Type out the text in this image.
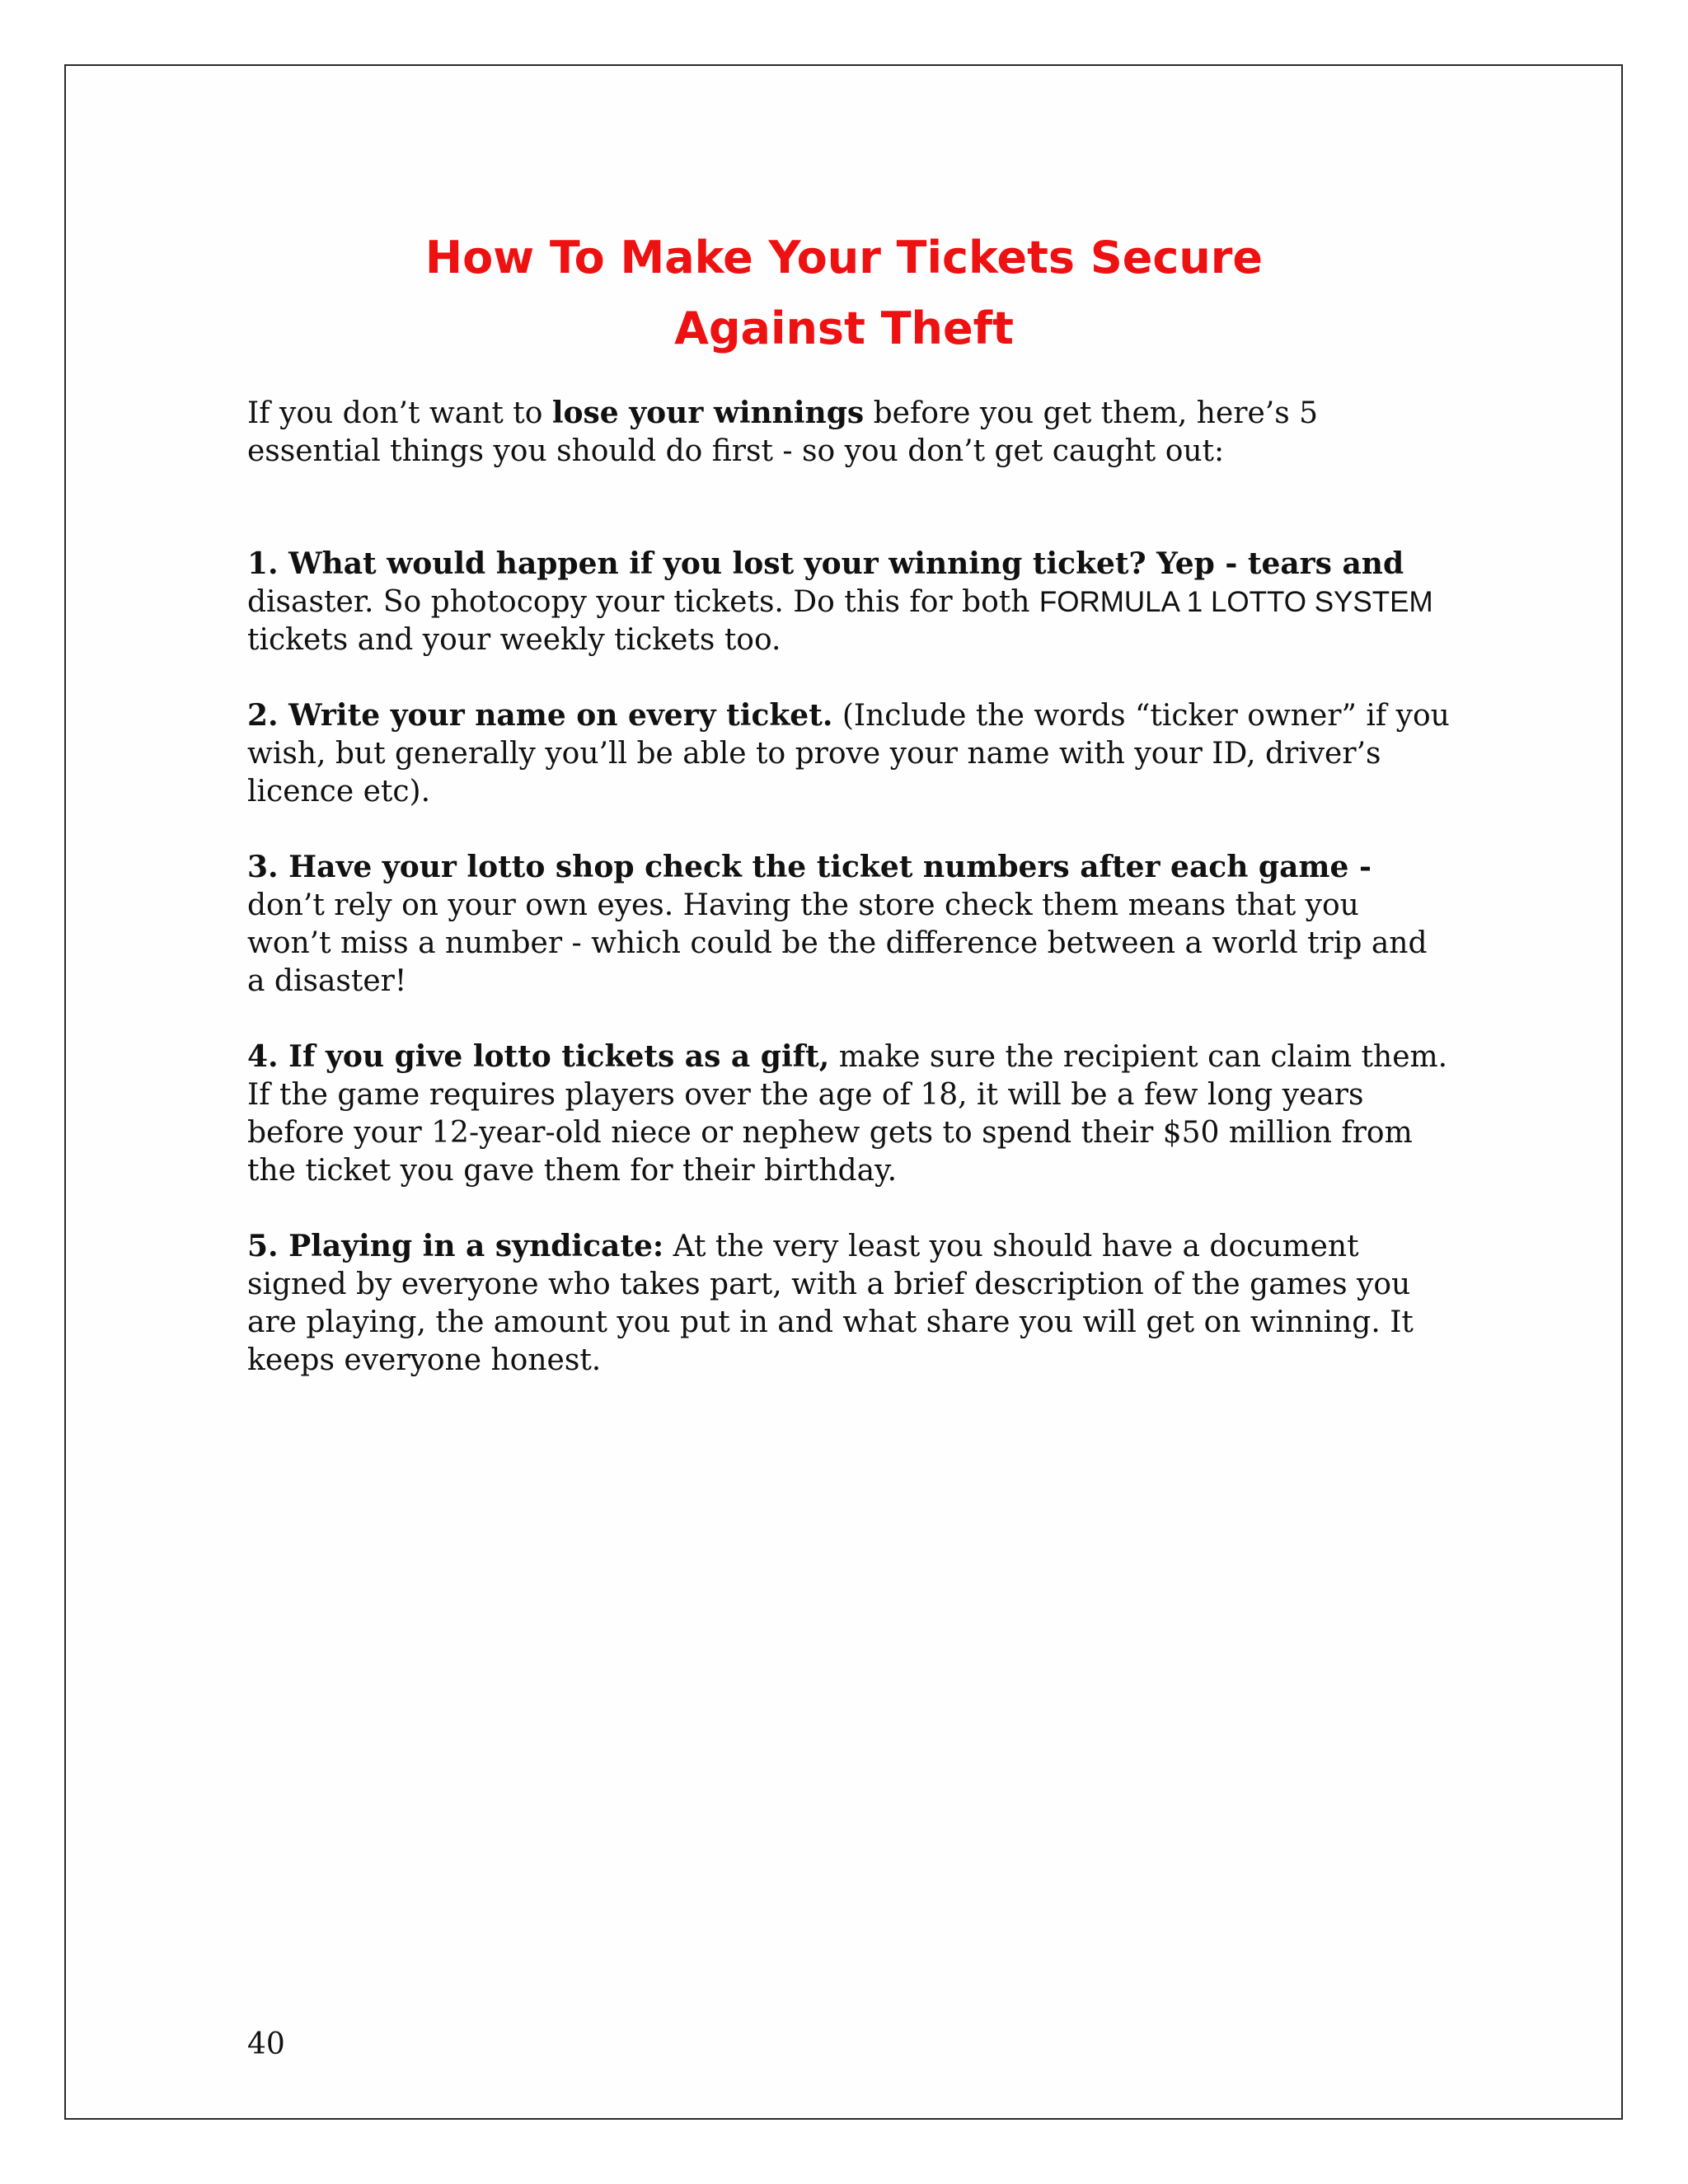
How To Make Your Tickets Secure
Against Theft

If you don’t want to lose your winnings before you get them, here’s 5 essential things you should do first - so you don’t get caught out:

1. What would happen if you lost your winning ticket? Yep - tears and disaster. So photocopy your tickets. Do this for both FORMULA 1 LOTTO SYSTEM tickets and your weekly tickets too.

2. Write your name on every ticket. (Include the words “ticker owner” if you wish, but generally you’ll be able to prove your name with your ID, driver’s licence etc).

3. Have your lotto shop check the ticket numbers after each game - don’t rely on your own eyes. Having the store check them means that you won’t miss a number - which could be the difference between a world trip and a disaster!

4. If you give lotto tickets as a gift, make sure the recipient can claim them. If the game requires players over the age of 18, it will be a few long years before your 12-year-old niece or nephew gets to spend their $50 million from the ticket you gave them for their birthday.

5. Playing in a syndicate: At the very least you should have a document signed by everyone who takes part, with a brief description of the games you are playing, the amount you put in and what share you will get on winning. It keeps everyone honest.

40
